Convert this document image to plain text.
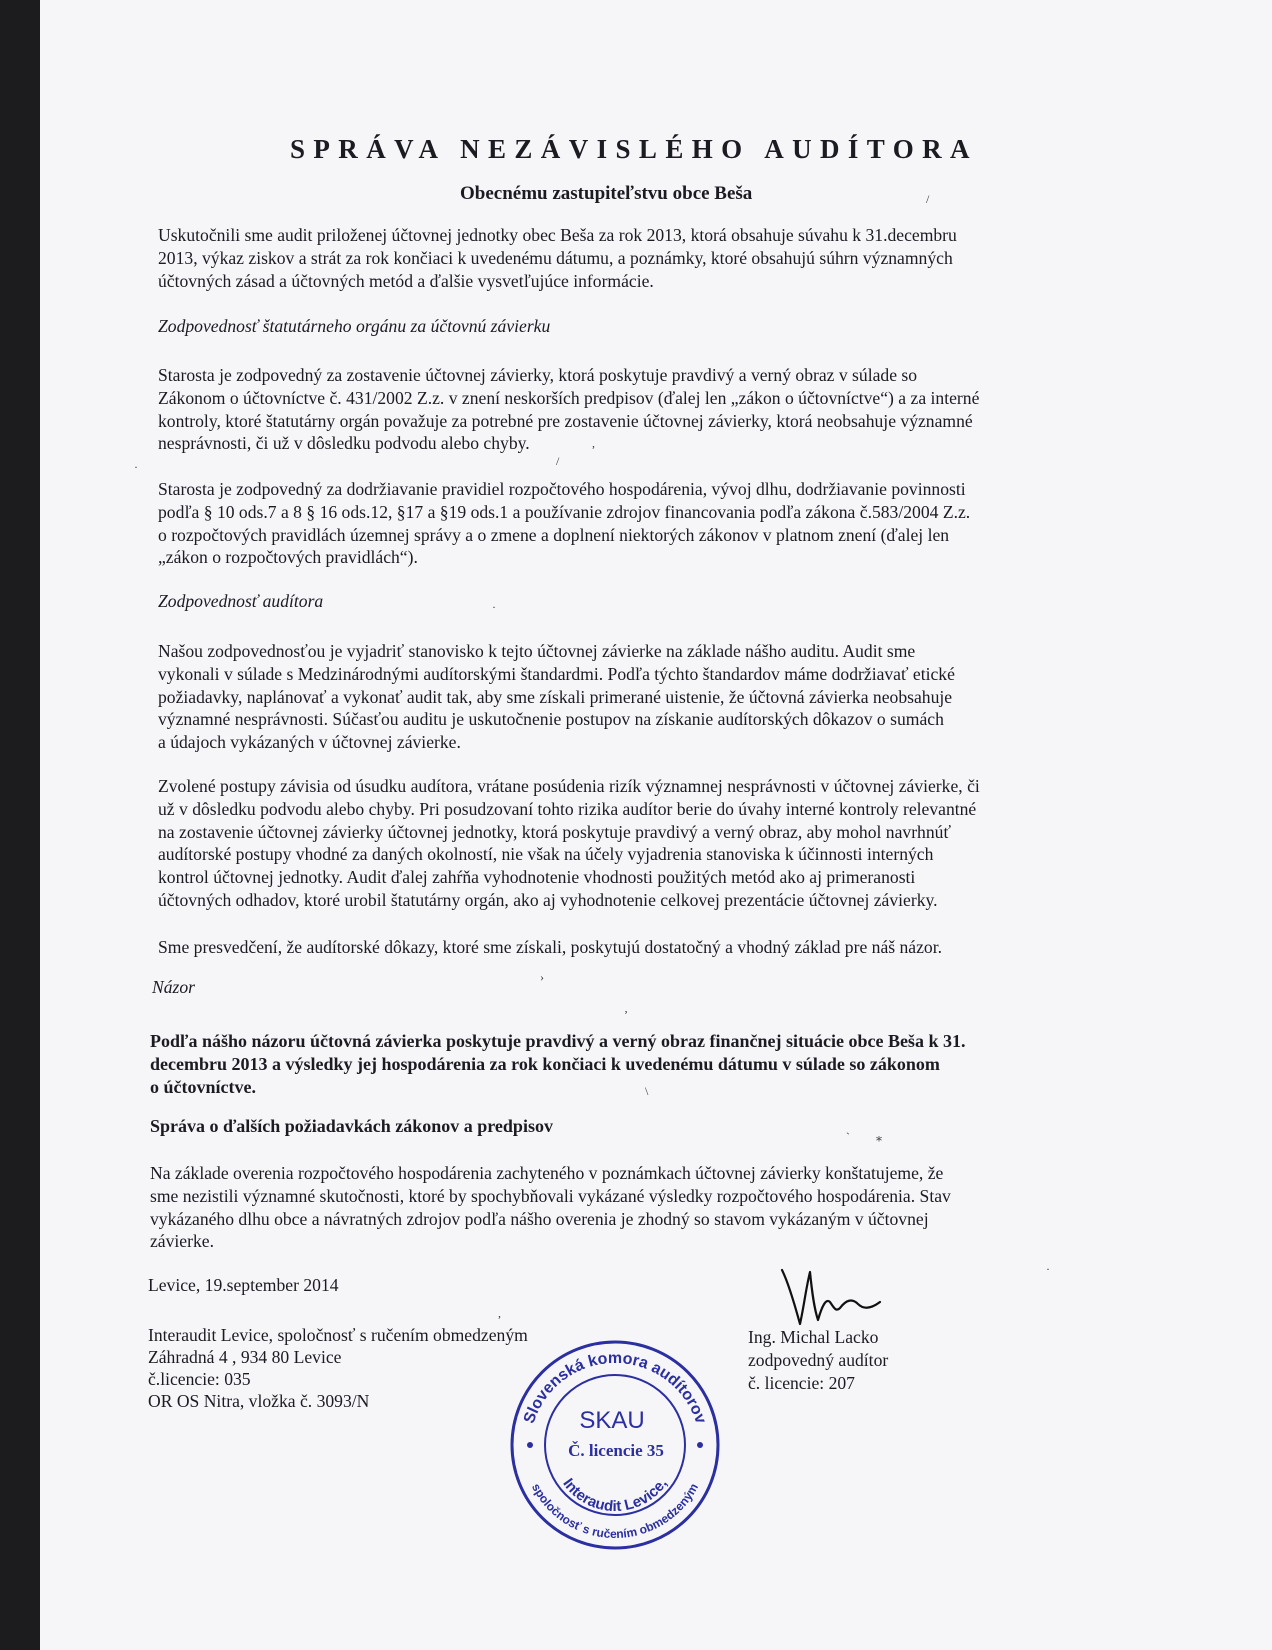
SPRÁVA NEZÁVISLÉHO AUDÍTORA
Obecnému zastupiteľstvu obce Beša
Uskutočnili sme audit priloženej účtovnej jednotky obec Beša za rok 2013, ktorá obsahuje súvahu k 31.decembru
2013, výkaz ziskov a strát za rok končiaci k uvedenému dátumu, a poznámky, ktoré obsahujú súhrn významných
účtovných zásad a účtovných metód a ďalšie vysvetľujúce informácie.
Zodpovednosť štatutárneho orgánu za účtovnú závierku
Starosta je zodpovedný za zostavenie účtovnej závierky, ktorá poskytuje pravdivý a verný obraz v súlade so
Zákonom o účtovníctve č. 431/2002 Z.z. v znení neskorších predpisov (ďalej len „zákon o účtovníctve“) a za interné
kontroly, ktoré štatutárny orgán považuje za potrebné pre zostavenie účtovnej závierky, ktorá neobsahuje významné
nesprávnosti, či už v dôsledku podvodu alebo chyby.
Starosta je zodpovedný za dodržiavanie pravidiel rozpočtového hospodárenia, vývoj dlhu, dodržiavanie povinnosti
podľa § 10 ods.7 a 8 § 16 ods.12, §17 a §19 ods.1 a používanie zdrojov financovania podľa zákona č.583/2004 Z.z.
o rozpočtových pravidlách územnej správy a o zmene a doplnení niektorých zákonov v platnom znení (ďalej len
„zákon o rozpočtových pravidlách“).
Zodpovednosť audítora
Našou zodpovednosťou je vyjadriť stanovisko k tejto účtovnej závierke na základe nášho auditu. Audit sme
vykonali v súlade s Medzinárodnými audítorskými štandardmi. Podľa týchto štandardov máme dodržiavať etické
požiadavky, naplánovať a vykonať audit tak, aby sme získali primerané uistenie, že účtovná závierka neobsahuje
významné nesprávnosti. Súčasťou auditu je uskutočnenie postupov na získanie audítorských dôkazov o sumách
a údajoch vykázaných v účtovnej závierke.
Zvolené postupy závisia od úsudku audítora, vrátane posúdenia rizík významnej nesprávnosti v účtovnej závierke, či
už v dôsledku podvodu alebo chyby. Pri posudzovaní tohto rizika audítor berie do úvahy interné kontroly relevantné
na zostavenie účtovnej závierky účtovnej jednotky, ktorá poskytuje pravdivý a verný obraz, aby mohol navrhnúť
audítorské postupy vhodné za daných okolností, nie však na účely vyjadrenia stanoviska k účinnosti interných
kontrol účtovnej jednotky. Audit ďalej zahŕňa vyhodnotenie vhodnosti použitých metód ako aj primeranosti
účtovných odhadov, ktoré urobil štatutárny orgán, ako aj vyhodnotenie celkovej prezentácie účtovnej závierky.
Sme presvedčení, že audítorské dôkazy, ktoré sme získali, poskytujú dostatočný a vhodný základ pre náš názor.
Názor
Podľa nášho názoru účtovná závierka poskytuje pravdivý a verný obraz finančnej situácie obce Beša k 31.
decembru 2013 a výsledky jej hospodárenia za rok končiaci k uvedenému dátumu v súlade so zákonom
o účtovníctve.
Správa o ďalších požiadavkách zákonov a predpisov
Na základe overenia rozpočtového hospodárenia zachyteného v poznámkach účtovnej závierky konštatujeme, že
sme nezistili významné skutočnosti, ktoré by spochybňovali vykázané výsledky rozpočtového hospodárenia. Stav
vykázaného dlhu obce a návratných zdrojov podľa nášho overenia je zhodný so stavom vykázaným v účtovnej
závierke.
Levice, 19.september 2014
Interaudit Levice, spoločnosť s ručením obmedzeným
Záhradná 4 , 934 80 Levice
č.licencie: 035
OR OS Nitra, vložka č. 3093/N
Ing. Michal Lacko
zodpovedný audítor
č. licencie: 207
Slovenská komora audítorov
spoločnosť s ručením obmedzeným
Interaudit Levice,
SKAU
Č. licencie 35
/
·
,
/
·
›
ʼ
\
ˋ ⁎
·
,
